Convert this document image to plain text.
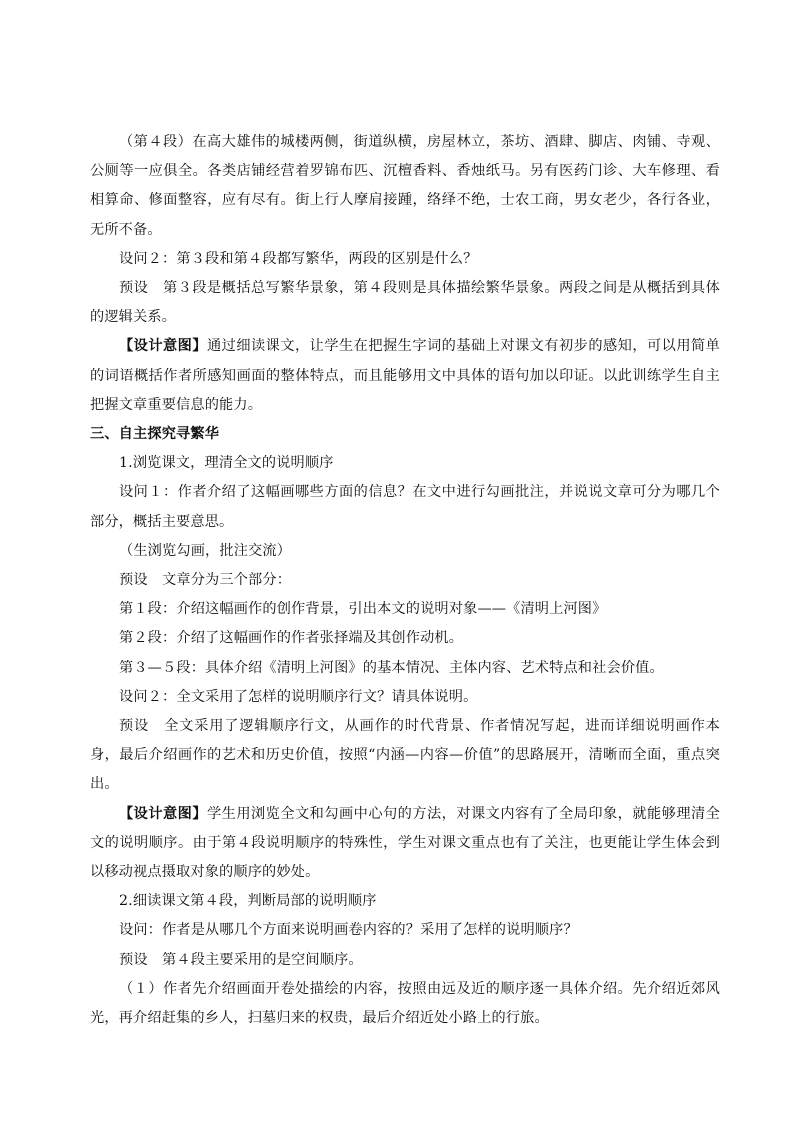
（第４段）在高大雄伟的城楼两侧，街道纵横，房屋林立，茶坊、酒肆、脚店、肉铺、寺观、公厕等一应俱全。各类店铺经营着罗锦布匹、沉檀香料、香烛纸马。另有医药门诊、大车修理、看相算命、修面整容，应有尽有。街上行人摩肩接踵，络绎不绝，士农工商，男女老少，各行各业，无所不备。

设问２：第３段和第４段都写繁华，两段的区别是什么？

预设　第３段是概括总写繁华景象，第４段则是具体描绘繁华景象。两段之间是从概括到具体的逻辑关系。

【设计意图】通过细读课文，让学生在把握生字词的基础上对课文有初步的感知，可以用简单的词语概括作者所感知画面的整体特点，而且能够用文中具体的语句加以印证。以此训练学生自主把握文章重要信息的能力。

三、自主探究寻繁华

1.浏览课文，理清全文的说明顺序

设问１：作者介绍了这幅画哪些方面的信息？在文中进行勾画批注，并说说文章可分为哪几个部分，概括主要意思。

（生浏览勾画，批注交流）

预设　文章分为三个部分：

第１段：介绍这幅画作的创作背景，引出本文的说明对象——《清明上河图》

第２段：介绍了这幅画作的作者张择端及其创作动机。

第３—５段：具体介绍《清明上河图》的基本情况、主体内容、艺术特点和社会价值。

设问２：全文采用了怎样的说明顺序行文？请具体说明。

预设　全文采用了逻辑顺序行文，从画作的时代背景、作者情况写起，进而详细说明画作本身，最后介绍画作的艺术和历史价值，按照“内涵—内容—价值”的思路展开，清晰而全面，重点突出。

【设计意图】学生用浏览全文和勾画中心句的方法，对课文内容有了全局印象，就能够理清全文的说明顺序。由于第４段说明顺序的特殊性，学生对课文重点也有了关注，也更能让学生体会到以移动视点摄取对象的顺序的妙处。

2.细读课文第４段，判断局部的说明顺序

设问：作者是从哪几个方面来说明画卷内容的？采用了怎样的说明顺序？

预设　第４段主要采用的是空间顺序。

（１）作者先介绍画面开卷处描绘的内容，按照由远及近的顺序逐一具体介绍。先介绍近郊风光，再介绍赶集的乡人，扫墓归来的权贵，最后介绍近处小路上的行旅。
